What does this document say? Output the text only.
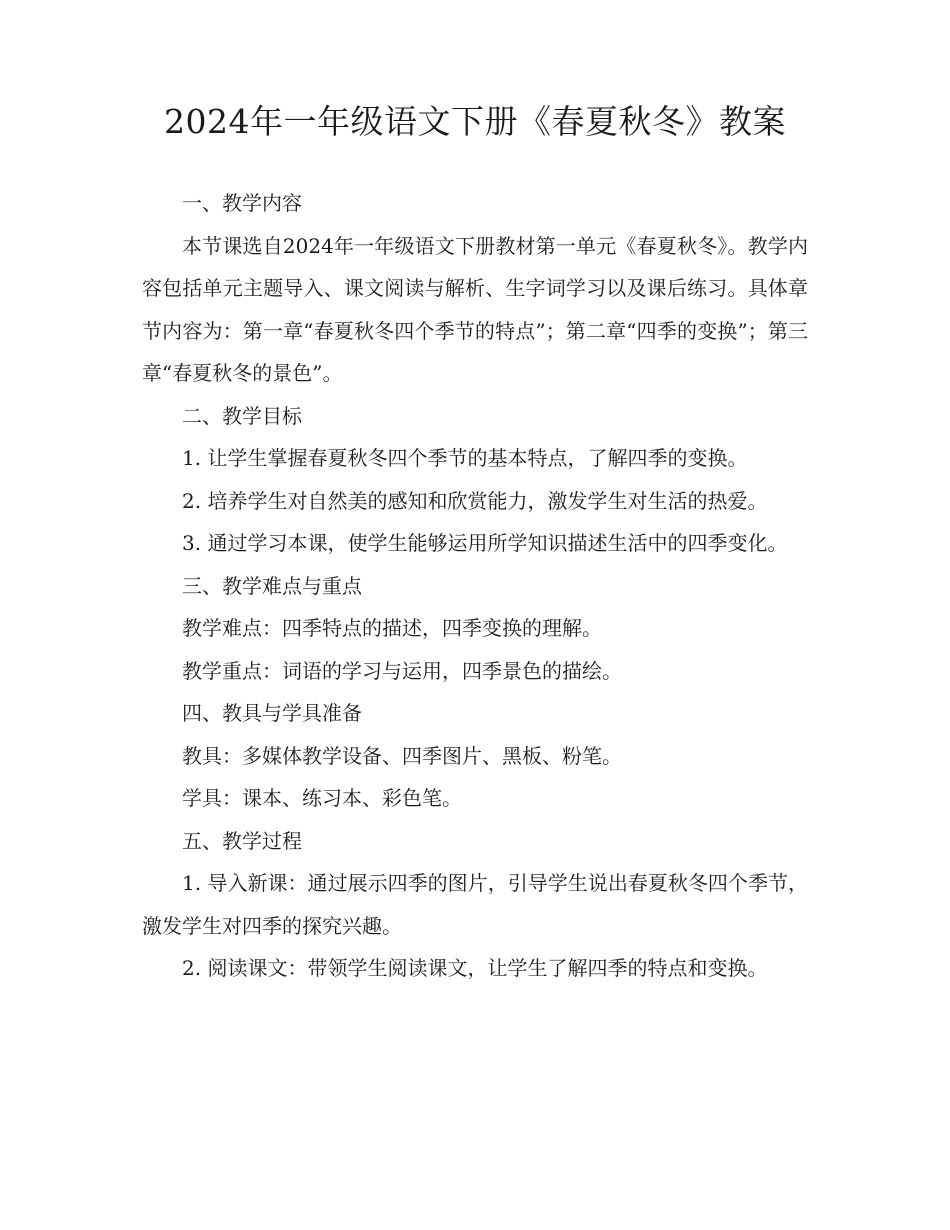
2024年一年级语文下册《春夏秋冬》教案

一、教学内容

本节课选自2024年一年级语文下册教材第一单元《春夏秋冬》。教学内容包括单元主题导入、课文阅读与解析、生字词学习以及课后练习。具体章节内容为：第一章“春夏秋冬四个季节的特点”；第二章“四季的变换”；第三章“春夏秋冬的景色”。

二、教学目标

1. 让学生掌握春夏秋冬四个季节的基本特点，了解四季的变换。

2. 培养学生对自然美的感知和欣赏能力，激发学生对生活的热爱。

3. 通过学习本课，使学生能够运用所学知识描述生活中的四季变化。

三、教学难点与重点

教学难点：四季特点的描述，四季变换的理解。

教学重点：词语的学习与运用，四季景色的描绘。

四、教具与学具准备

教具：多媒体教学设备、四季图片、黑板、粉笔。

学具：课本、练习本、彩色笔。

五、教学过程

1. 导入新课：通过展示四季的图片，引导学生说出春夏秋冬四个季节，激发学生对四季的探究兴趣。

2. 阅读课文：带领学生阅读课文，让学生了解四季的特点和变换。
